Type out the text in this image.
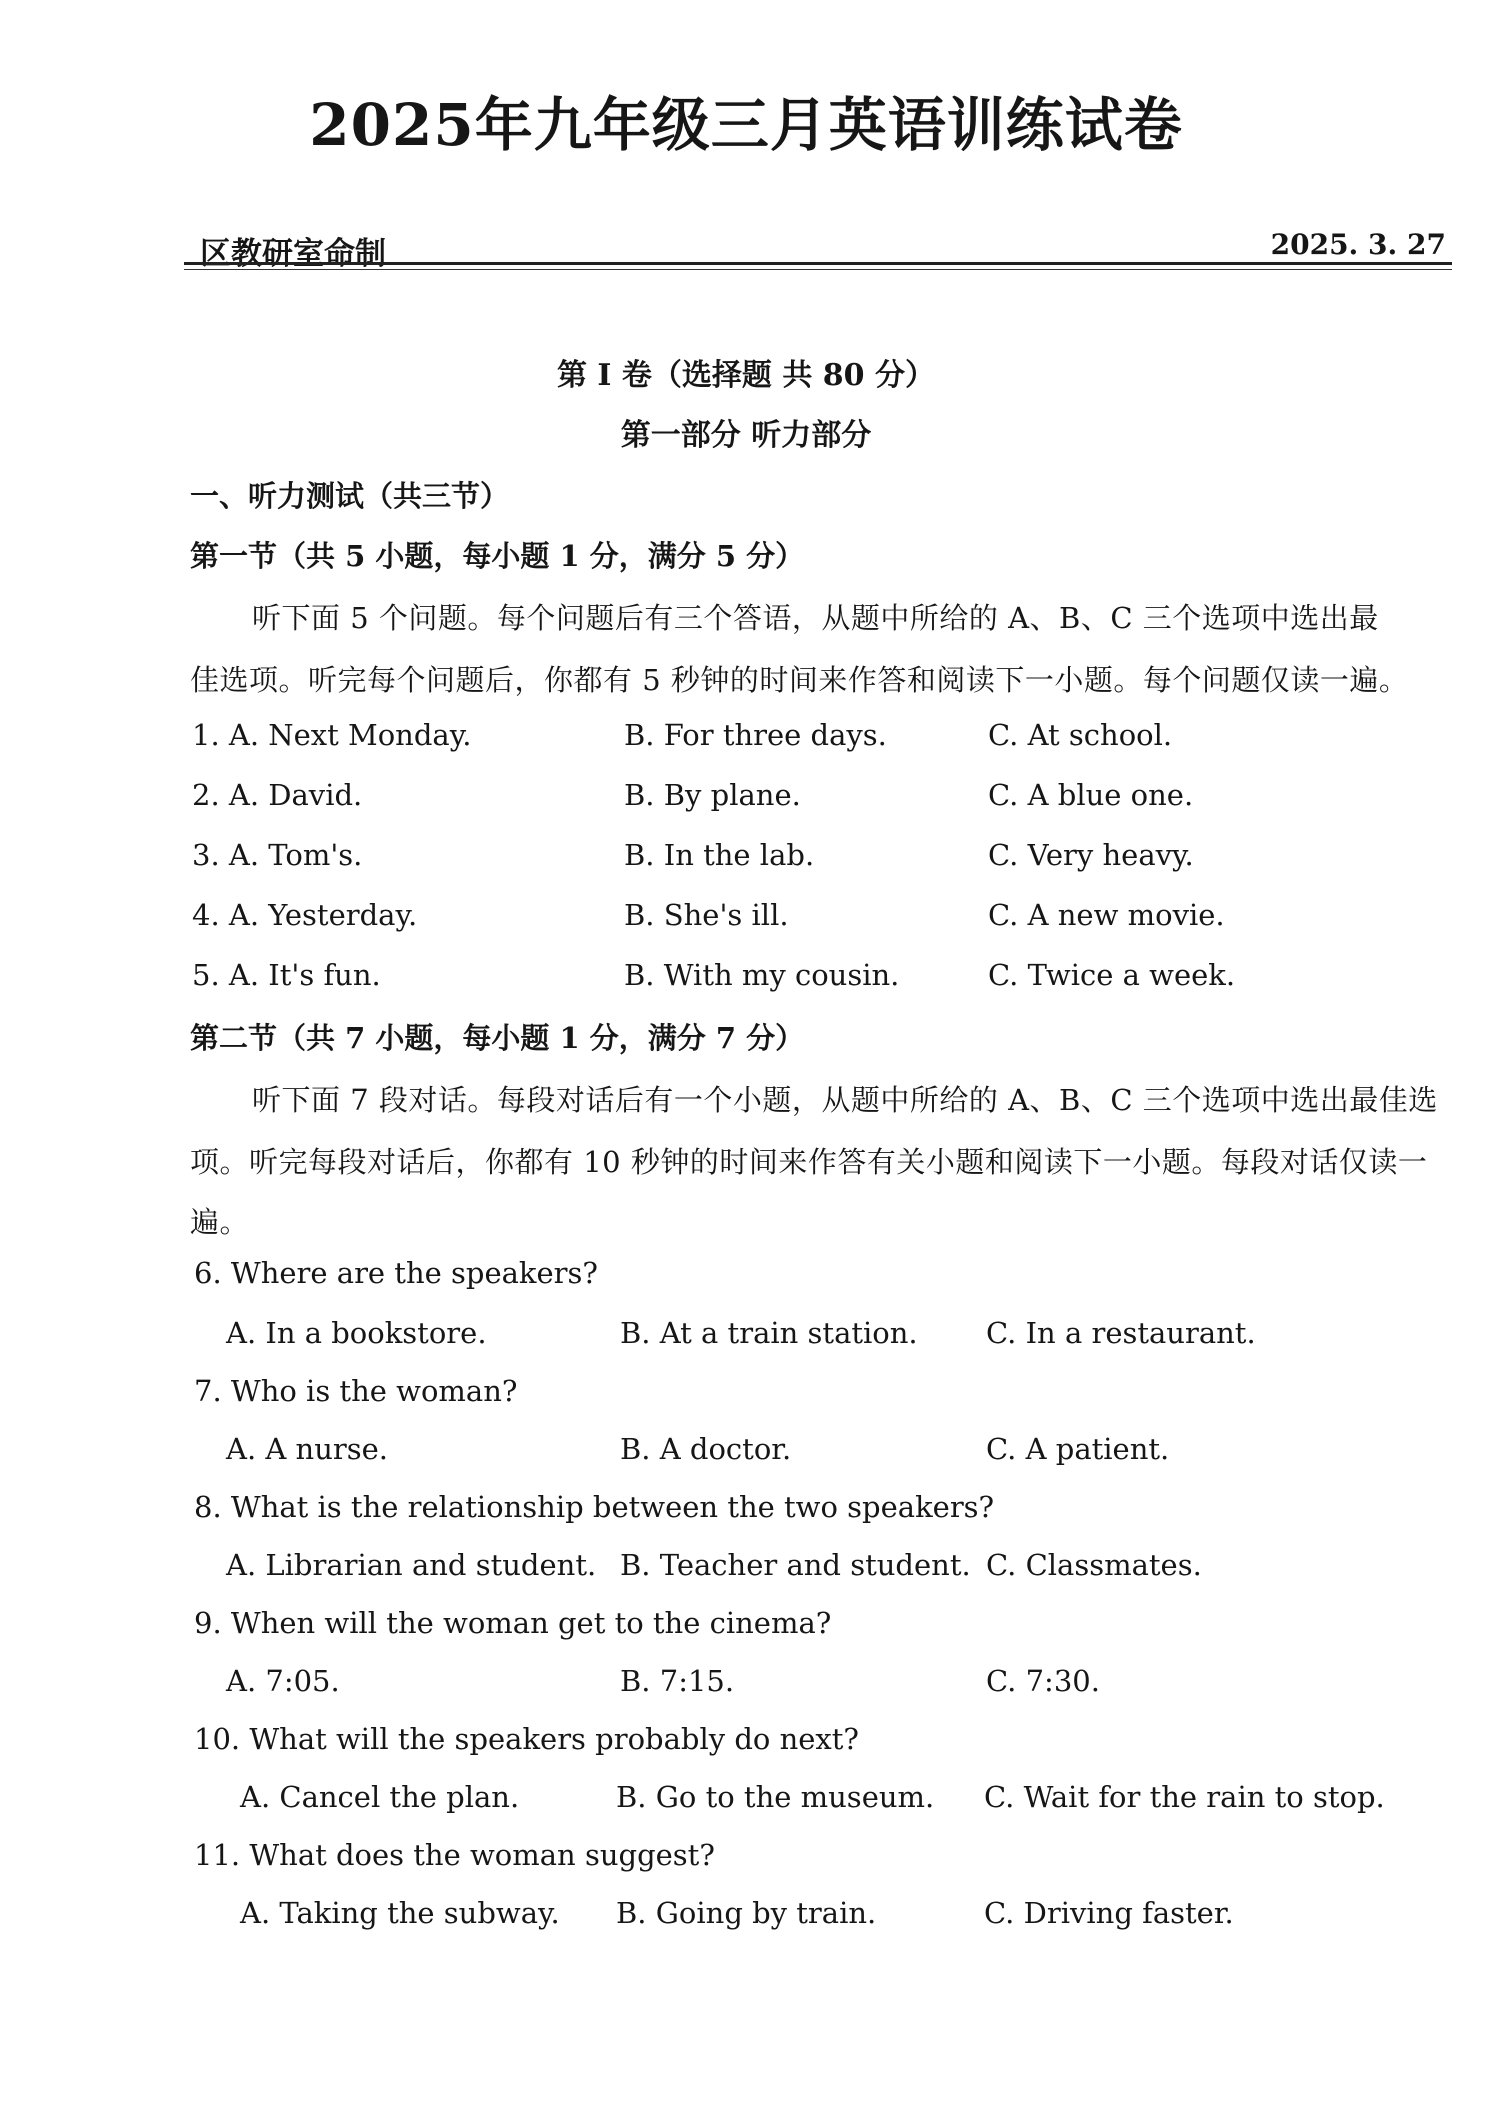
2025年九年级三月英语训练试卷
区教研室命制	2025. 3. 27
第 I 卷（选择题 共 80 分）
第一部分 听力部分
一、听力测试（共三节）
第一节（共 5 小题，每小题 1 分，满分 5 分）
听下面 5 个问题。每个问题后有三个答语，从题中所给的 A、B、C 三个选项中选出最
佳选项。听完每个问题后，你都有 5 秒钟的时间来作答和阅读下一小题。每个问题仅读一遍。
1. A. Next Monday.	B. For three days.	C. At school.
2. A. David.	B. By plane.	C. A blue one.
3. A. Tom's.	B. In the lab.	C. Very heavy.
4. A. Yesterday.	B. She's ill.	C. A new movie.
5. A. It's fun.	B. With my cousin.	C. Twice a week.
第二节（共 7 小题，每小题 1 分，满分 7 分）
听下面 7 段对话。每段对话后有一个小题，从题中所给的 A、B、C 三个选项中选出最佳选
项。听完每段对话后，你都有 10 秒钟的时间来作答有关小题和阅读下一小题。每段对话仅读一
遍。
6. Where are the speakers?
A. In a bookstore.	B. At a train station. C. In a restaurant.
7. Who is the woman?
A. A nurse.	B. A doctor.	C. A patient.
8. What is the relationship between the two speakers?
A. Librarian and student. B. Teacher and student. C. Classmates.
9. When will the woman get to the cinema?
A. 7:05.	B. 7:15.	C. 7:30.
10. What will the speakers probably do next?
A. Cancel the plan.	B. Go to the museum. C. Wait for the rain to stop.
11. What does the woman suggest?
A. Taking the subway. B. Going by train.	C. Driving faster.
